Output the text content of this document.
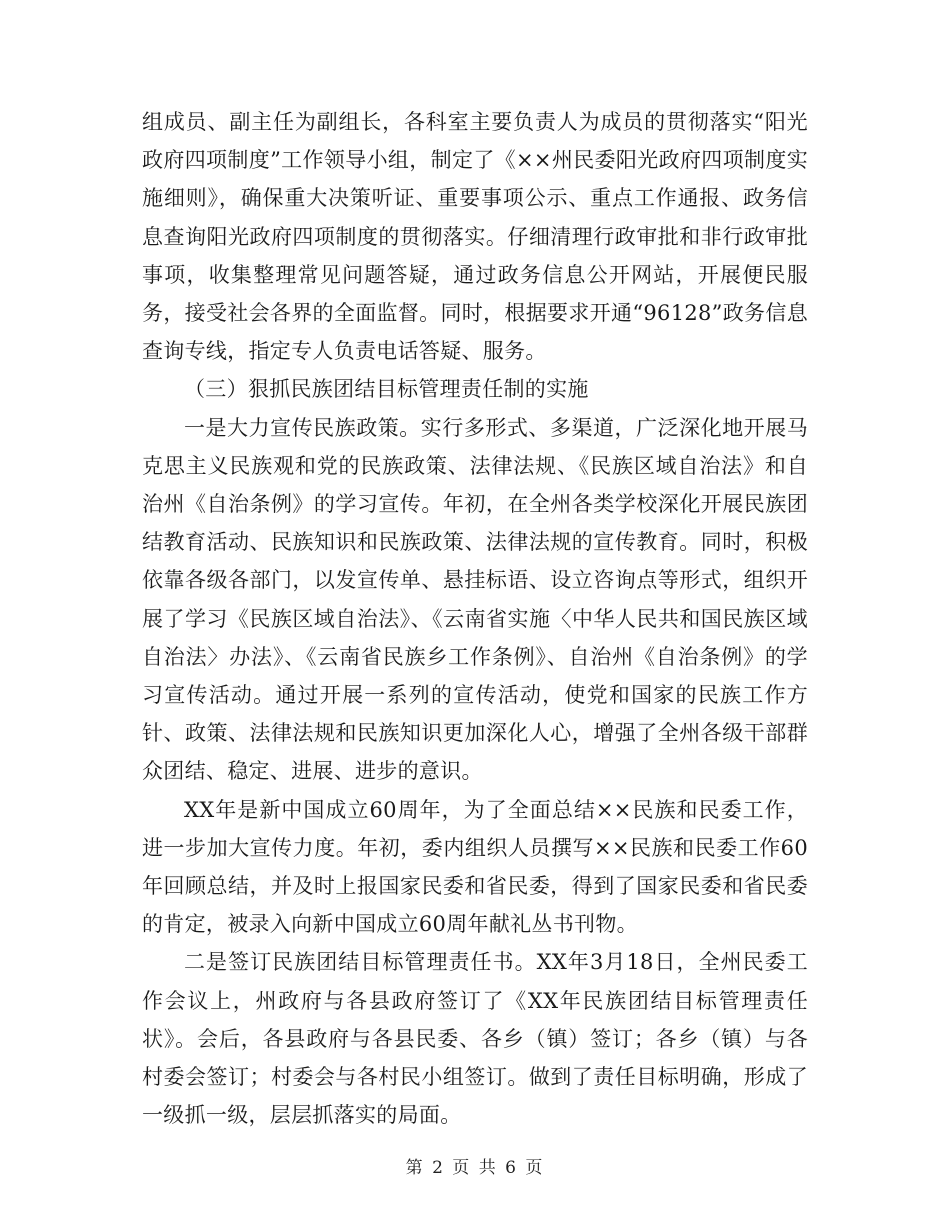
组成员、副主任为副组长，各科室主要负责人为成员的贯彻落实“阳光政府四项制度”工作领导小组，制定了《××州民委阳光政府四项制度实施细则》，确保重大决策听证、重要事项公示、重点工作通报、政务信息查询阳光政府四项制度的贯彻落实。仔细清理行政审批和非行政审批事项，收集整理常见问题答疑，通过政务信息公开网站，开展便民服务，接受社会各界的全面监督。同时，根据要求开通“96128”政务信息查询专线，指定专人负责电话答疑、服务。

（三）狠抓民族团结目标管理责任制的实施

一是大力宣传民族政策。实行多形式、多渠道，广泛深化地开展马克思主义民族观和党的民族政策、法律法规、《民族区域自治法》和自治州《自治条例》的学习宣传。年初，在全州各类学校深化开展民族团结教育活动、民族知识和民族政策、法律法规的宣传教育。同时，积极依靠各级各部门，以发宣传单、悬挂标语、设立咨询点等形式，组织开展了学习《民族区域自治法》、《云南省实施〈中华人民共和国民族区域自治法〉办法》、《云南省民族乡工作条例》、自治州《自治条例》的学习宣传活动。通过开展一系列的宣传活动，使党和国家的民族工作方针、政策、法律法规和民族知识更加深化人心，增强了全州各级干部群众团结、稳定、进展、进步的意识。

XX年是新中国成立60周年，为了全面总结××民族和民委工作，进一步加大宣传力度。年初，委内组织人员撰写××民族和民委工作60年回顾总结，并及时上报国家民委和省民委，得到了国家民委和省民委的肯定，被录入向新中国成立60周年献礼丛书刊物。

二是签订民族团结目标管理责任书。XX年3月18日，全州民委工作会议上，州政府与各县政府签订了《XX年民族团结目标管理责任状》。会后，各县政府与各县民委、各乡（镇）签订；各乡（镇）与各村委会签订；村委会与各村民小组签订。做到了责任目标明确，形成了一级抓一级，层层抓落实的局面。

第 2 页 共 6 页
